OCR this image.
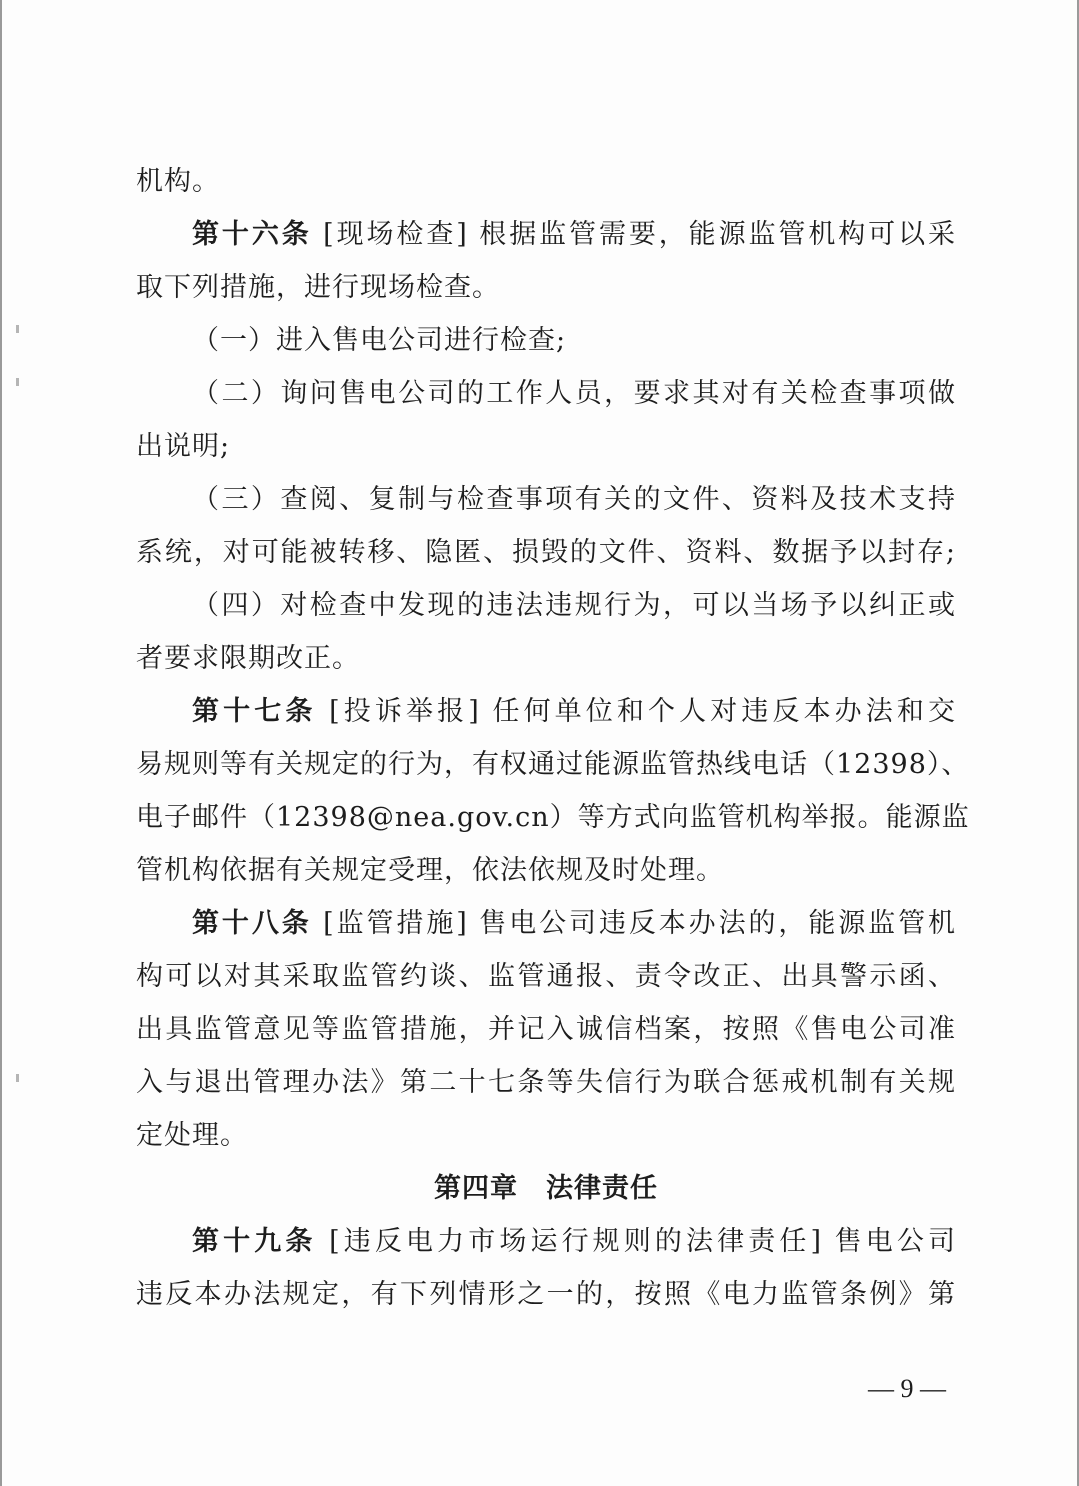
机构。
第十六条 [现场检查] 根据监管需要，能源监管机构可以采
取下列措施，进行现场检查。
（一）进入售电公司进行检查;
（二）询问售电公司的工作人员，要求其对有关检查事项做
出说明;
（三）查阅、复制与检查事项有关的文件、资料及技术支持
系统，对可能被转移、隐匿、损毁的文件、资料、数据予以封存;
（四）对检查中发现的违法违规行为，可以当场予以纠正或
者要求限期改正。
第十七条 [投诉举报] 任何单位和个人对违反本办法和交
易规则等有关规定的行为，有权通过能源监管热线电话（12398）、
电子邮件（12398@nea.gov.cn）等方式向监管机构举报。能源监
管机构依据有关规定受理，依法依规及时处理。
第十八条 [监管措施] 售电公司违反本办法的，能源监管机
构可以对其采取监管约谈、监管通报、责令改正、出具警示函、
出具监管意见等监管措施，并记入诚信档案，按照《售电公司准
入与退出管理办法》第二十七条等失信行为联合惩戒机制有关规
定处理。
第四章　法律责任
第十九条 [违反电力市场运行规则的法律责任] 售电公司
违反本办法规定，有下列情形之一的，按照《电力监管条例》第
— 9 —
